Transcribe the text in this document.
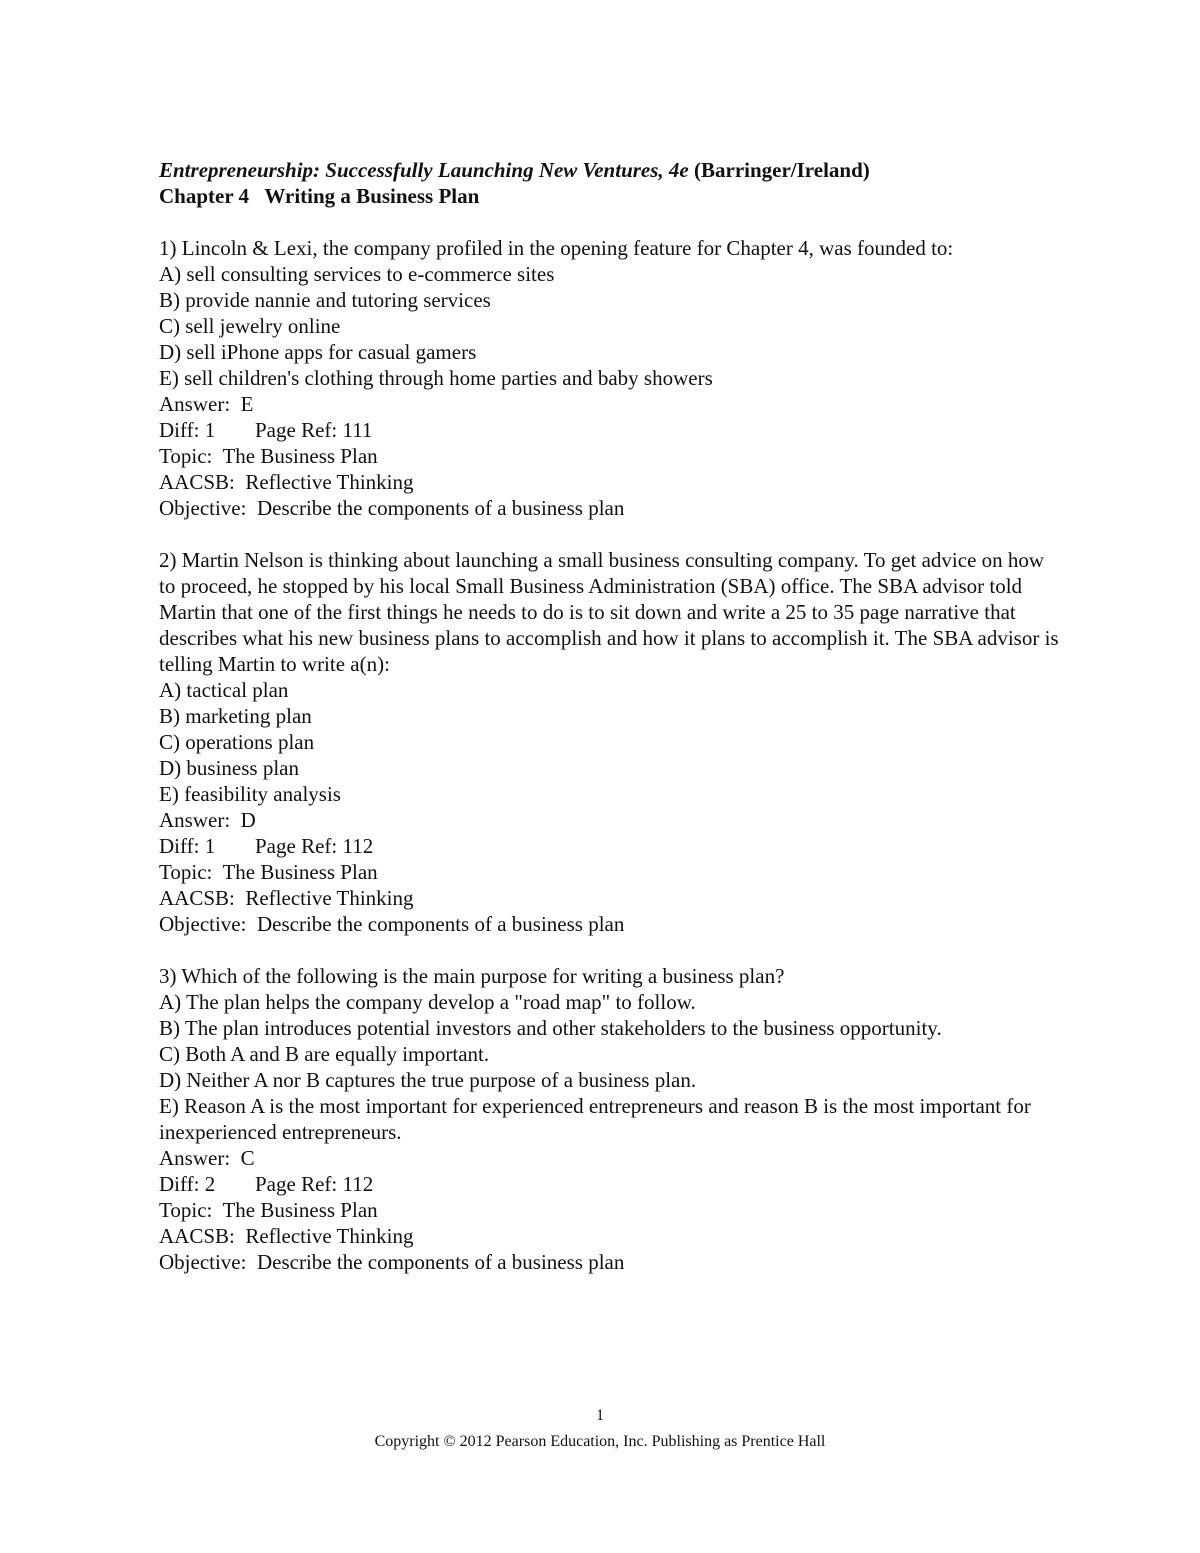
Entrepreneurship: Successfully Launching New Ventures, 4e (Barringer/Ireland)
Chapter 4   Writing a Business Plan
1) Lincoln & Lexi, the company profiled in the opening feature for Chapter 4, was founded to:
A) sell consulting services to e-commerce sites
B) provide nannie and tutoring services
C) sell jewelry online
D) sell iPhone apps for casual gamers
E) sell children's clothing through home parties and baby showers
Answer:  E
Diff: 1 Page Ref: 111
Topic:  The Business Plan
AACSB:  Reflective Thinking
Objective:  Describe the components of a business plan
2) Martin Nelson is thinking about launching a small business consulting company. To get advice on how to proceed, he stopped by his local Small Business Administration (SBA) office. The SBA advisor told Martin that one of the first things he needs to do is to sit down and write a 25 to 35 page narrative that describes what his new business plans to accomplish and how it plans to accomplish it. The SBA advisor is telling Martin to write a(n):
A) tactical plan
B) marketing plan
C) operations plan
D) business plan
E) feasibility analysis
Answer:  D
Diff: 1 Page Ref: 112
Topic:  The Business Plan
AACSB:  Reflective Thinking
Objective:  Describe the components of a business plan
3) Which of the following is the main purpose for writing a business plan?
A) The plan helps the company develop a "road map" to follow.
B) The plan introduces potential investors and other stakeholders to the business opportunity.
C) Both A and B are equally important.
D) Neither A nor B captures the true purpose of a business plan.
E) Reason A is the most important for experienced entrepreneurs and reason B is the most important for inexperienced entrepreneurs.
Answer:  C
Diff: 2 Page Ref: 112
Topic:  The Business Plan
AACSB:  Reflective Thinking
Objective:  Describe the components of a business plan
1
Copyright © 2012 Pearson Education, Inc. Publishing as Prentice Hall
